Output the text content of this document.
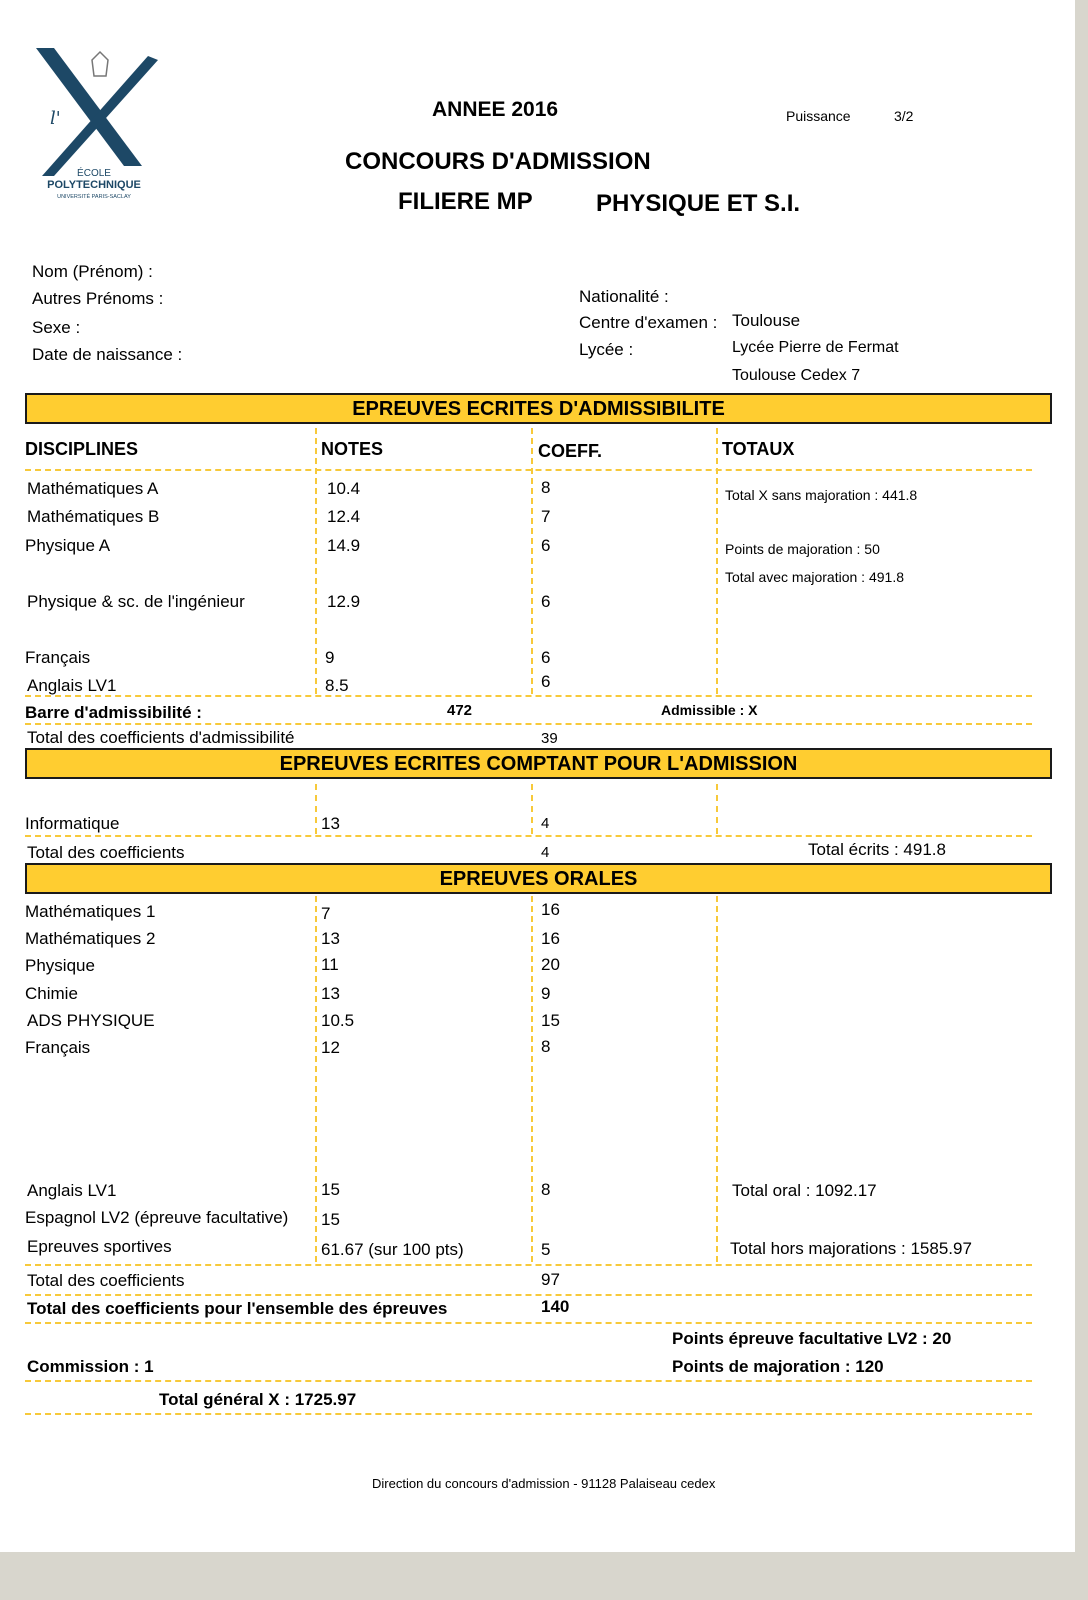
l'
ÉCOLE
POLYTECHNIQUE
UNIVERSITÉ PARIS-SACLAY
ANNEE 2016	Puissance	3/2
CONCOURS D'ADMISSION
FILIERE MP	PHYSIQUE ET S.I.
Nom (Prénom) :
Autres Prénoms :
Sexe :
Date de naissance :
Nationalité :
Centre d'examen : Toulouse
Lycée :	Lycée Pierre de Fermat
Toulouse Cedex 7
EPREUVES ECRITES D'ADMISSIBILITE
DISCIPLINES	NOTES	COEFF.	TOTAUX
Mathématiques A	10.4	8
Mathématiques B	12.4	7
Physique A	14.9	6
Physique & sc. de l'ingénieur	12.9	6
Français	9	6
Anglais LV1	8.5	6
Total X sans majoration : 441.8
Points de majoration : 50
Total avec majoration : 491.8
Barre d'admissibilité :	472	Admissible : X
Total des coefficients d'admissibilité	39
EPREUVES ECRITES COMPTANT POUR L'ADMISSION
Informatique	13	4
Total des coefficients	4	Total écrits : 491.8
EPREUVES ORALES
Mathématiques 1	7	16
Mathématiques 2	13	16
Physique	11	20
Chimie	13	9
ADS PHYSIQUE	10.5	15
Français	12	8
Anglais LV1	15	8
Espagnol LV2 (épreuve facultative) 15
Epreuves sportives	61.67 (sur 100 pts)	5
Total oral : 1092.17
Total hors majorations : 1585.97
Total des coefficients	97
Total des coefficients pour l'ensemble des épreuves	140
Points épreuve facultative LV2 : 20
Commission : 1	Points de majoration : 120
Total général X : 1725.97
Direction du concours d'admission - 91128 Palaiseau cedex
